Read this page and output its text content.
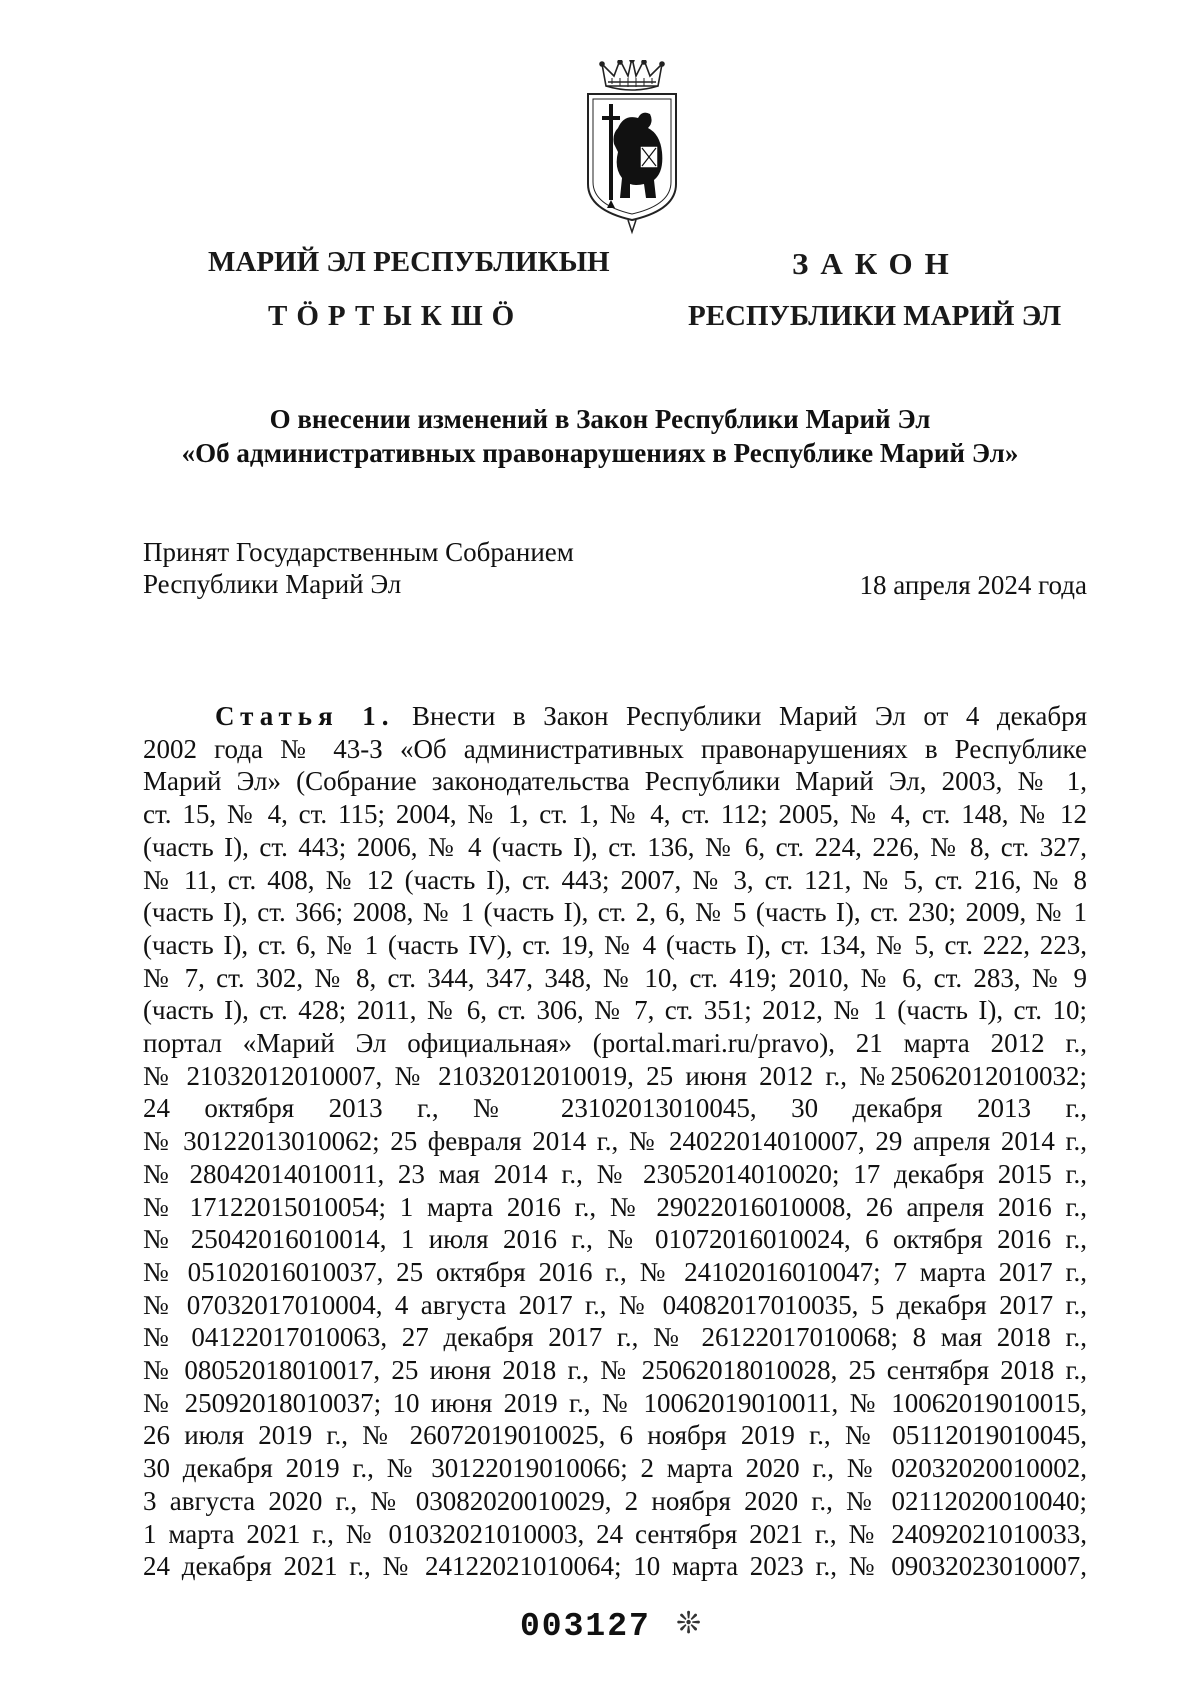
МАРИЙ ЭЛ РЕСПУБЛИКЫН
ТӦРТЫКШӦ
ЗАКОН
РЕСПУБЛИКИ МАРИЙ ЭЛ
О внесении изменений в Закон Республики Марий Эл
«Об административных правонарушениях в Республике Марий Эл»
Принят Государственным Собранием
Республики Марий Эл	18 апреля 2024 года
Статья 1. Внести в Закон Республики Марий Эл от 4 декабря
2002 года № 43-З «Об административных правонарушениях в Республике
Марий Эл» (Собрание законодательства Республики Марий Эл, 2003, № 1,
ст. 15, № 4, ст. 115; 2004, № 1, ст. 1, № 4, ст. 112; 2005, № 4, ст. 148, № 12
(часть I), ст. 443; 2006, № 4 (часть I), ст. 136, № 6, ст. 224, 226, № 8, ст. 327,
№ 11, ст. 408, № 12 (часть I), ст. 443; 2007, № 3, ст. 121, № 5, ст. 216, № 8
(часть I), ст. 366; 2008, № 1 (часть I), ст. 2, 6, № 5 (часть I), ст. 230; 2009, № 1
(часть I), ст. 6, № 1 (часть IV), ст. 19, № 4 (часть I), ст. 134, № 5, ст. 222, 223,
№ 7, ст. 302, № 8, ст. 344, 347, 348, № 10, ст. 419; 2010, № 6, ст. 283, № 9
(часть I), ст. 428; 2011, № 6, ст. 306, № 7, ст. 351; 2012, № 1 (часть I), ст. 10;
портал «Марий Эл официальная» (portal.mari.ru/pravo), 21 марта 2012 г.,
№ 21032012010007, № 21032012010019, 25 июня 2012 г., №25062012010032;
24 октября 2013 г., № 23102013010045, 30 декабря 2013 г.,
№ 30122013010062; 25 февраля 2014 г., № 24022014010007, 29 апреля 2014 г.,
№ 28042014010011, 23 мая 2014 г., № 23052014010020; 17 декабря 2015 г.,
№ 17122015010054; 1 марта 2016 г., № 29022016010008, 26 апреля 2016 г.,
№ 25042016010014, 1 июля 2016 г., № 01072016010024, 6 октября 2016 г.,
№ 05102016010037, 25 октября 2016 г., № 24102016010047; 7 марта 2017 г.,
№ 07032017010004, 4 августа 2017 г., № 04082017010035, 5 декабря 2017 г.,
№ 04122017010063, 27 декабря 2017 г., № 26122017010068; 8 мая 2018 г.,
№ 08052018010017, 25 июня 2018 г., № 25062018010028, 25 сентября 2018 г.,
№ 25092018010037; 10 июня 2019 г., № 10062019010011, № 10062019010015,
26 июля 2019 г., № 26072019010025, 6 ноября 2019 г., № 05112019010045,
30 декабря 2019 г., № 30122019010066; 2 марта 2020 г., № 02032020010002,
3 августа 2020 г., № 03082020010029, 2 ноября 2020 г., № 02112020010040;
1 марта 2021 г., № 01032021010003, 24 сентября 2021 г., № 24092021010033,
24 декабря 2021 г., № 24122021010064; 10 марта 2023 г., № 09032023010007,
003127 ❊
